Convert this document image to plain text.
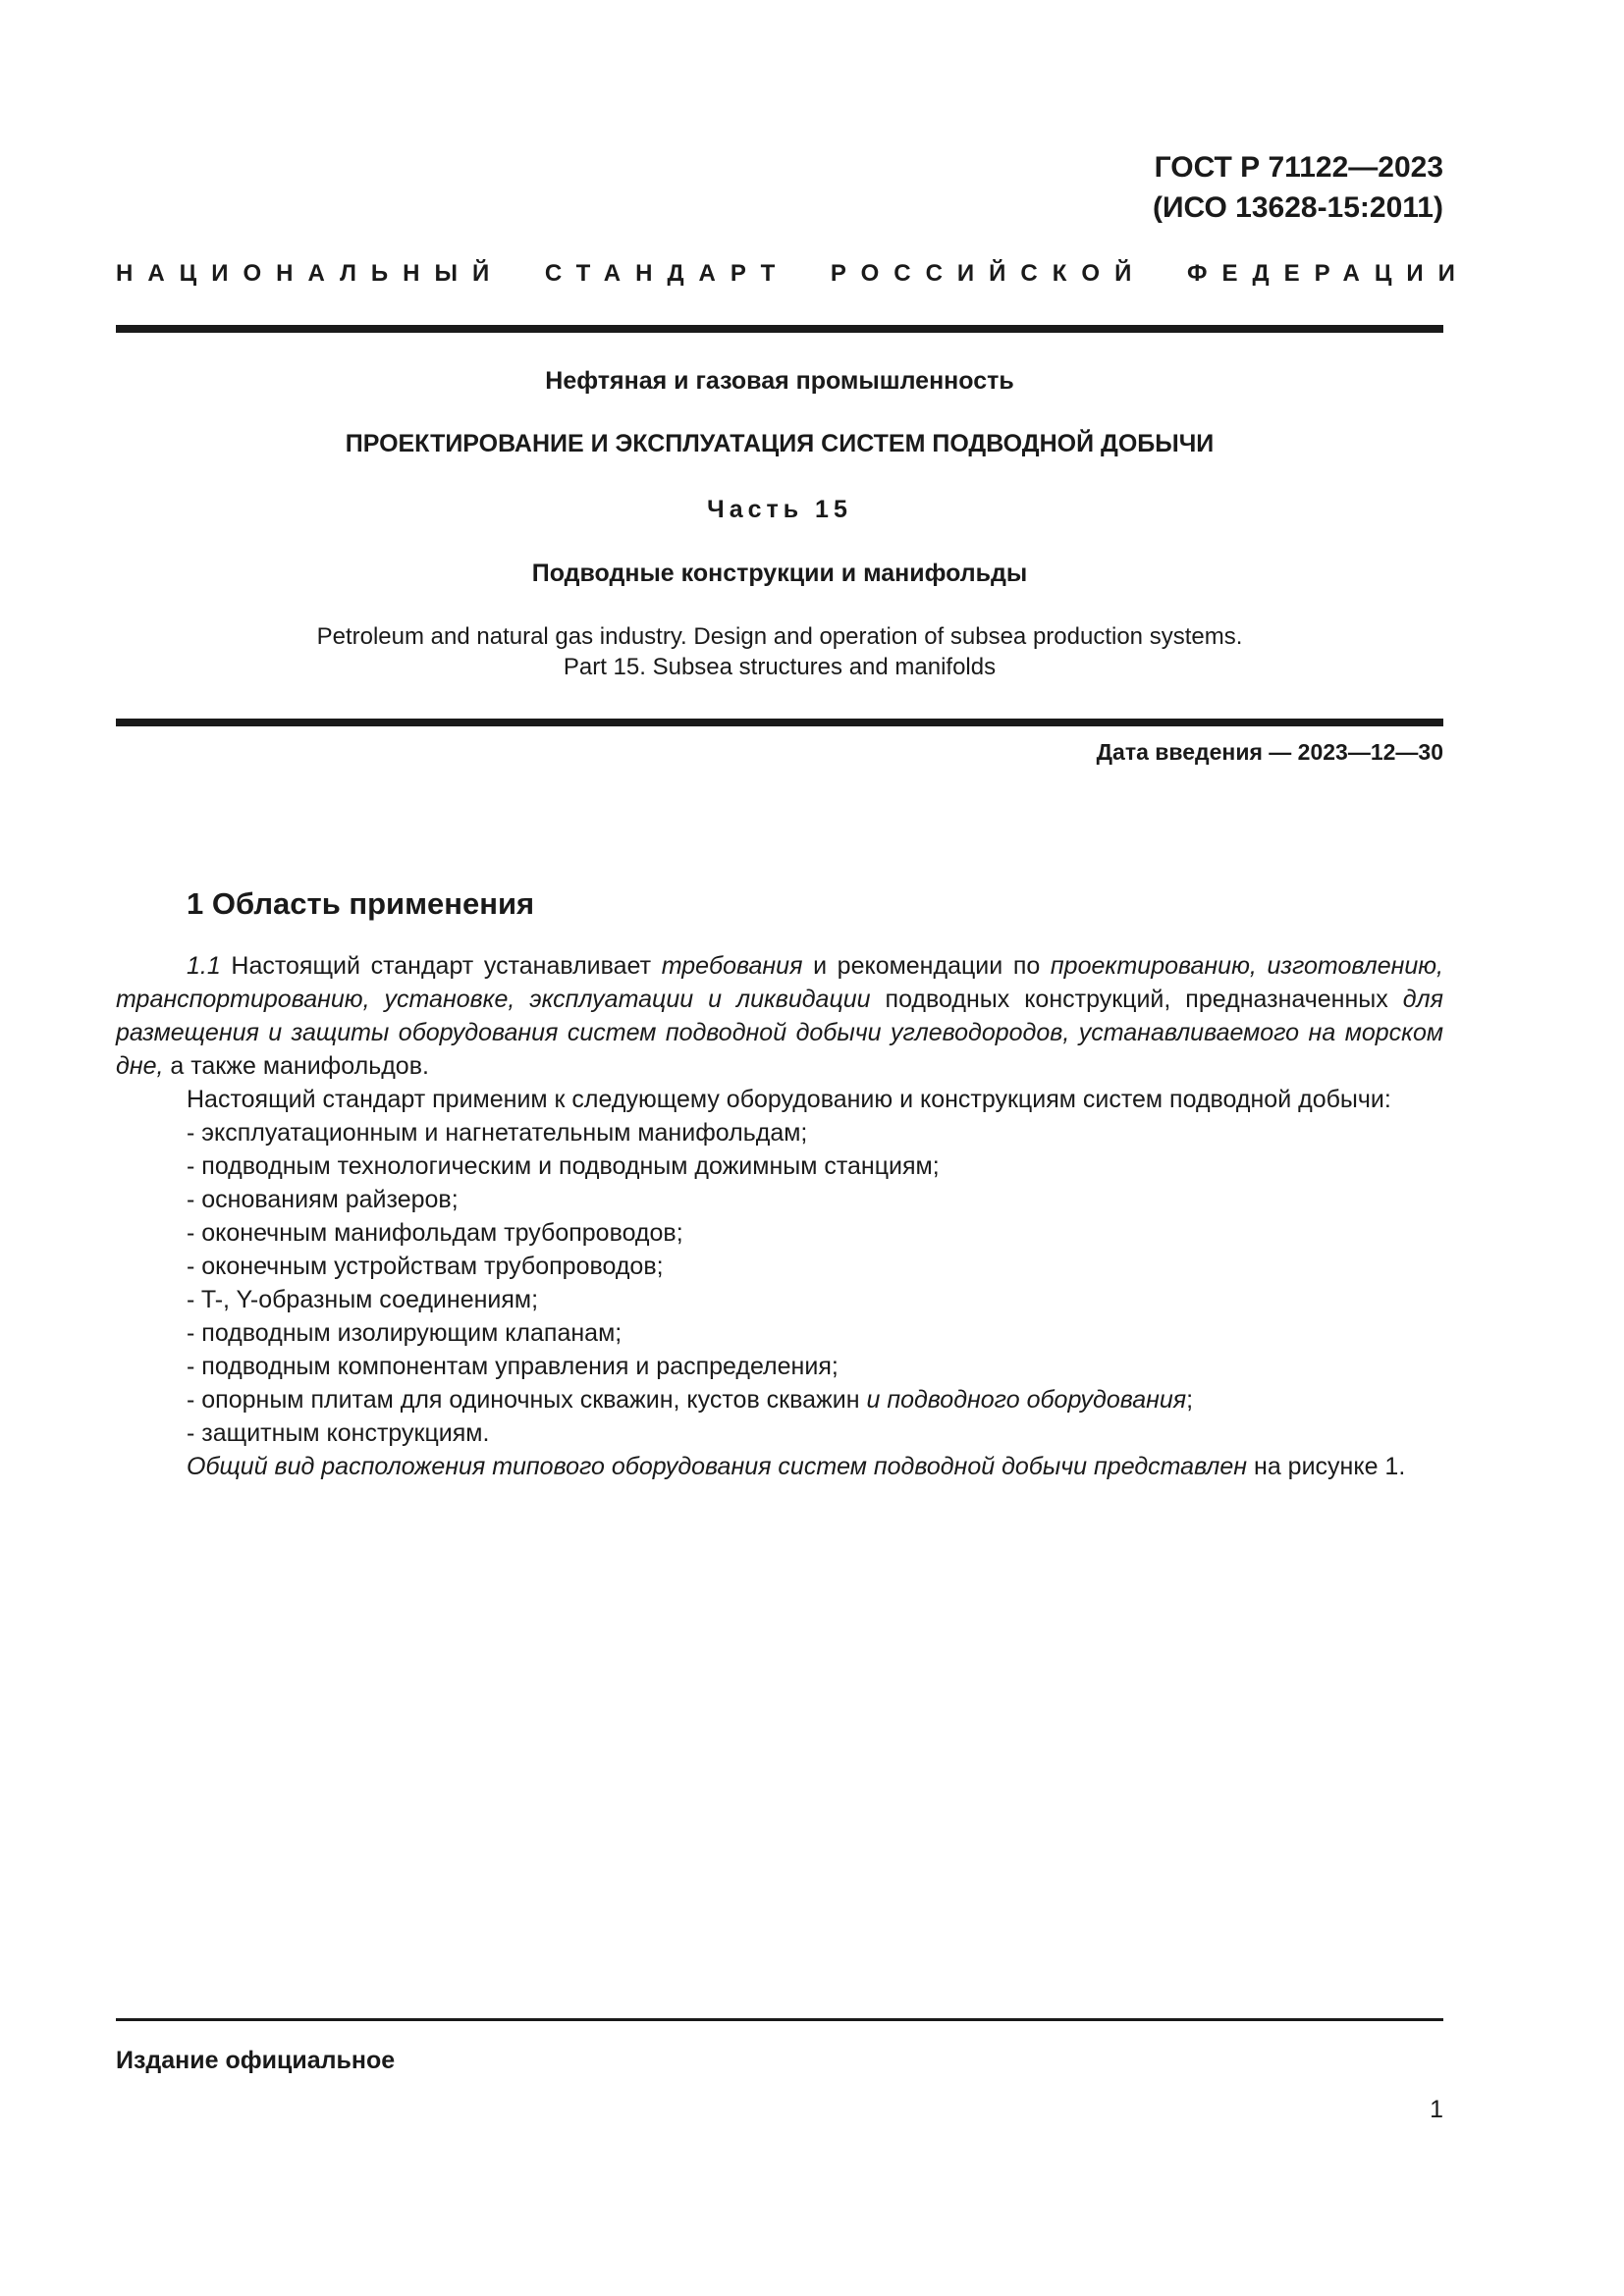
ГОСТ Р 71122—2023
(ИСО 13628-15:2011)
НАЦИОНАЛЬНЫЙ СТАНДАРТ РОССИЙСКОЙ ФЕДЕРАЦИИ
Нефтяная и газовая промышленность
ПРОЕКТИРОВАНИЕ И ЭКСПЛУАТАЦИЯ СИСТЕМ ПОДВОДНОЙ ДОБЫЧИ
Часть 15
Подводные конструкции и манифольды
Petroleum and natural gas industry. Design and operation of subsea production systems.
Part 15. Subsea structures and manifolds
Дата введения — 2023—12—30
1 Область применения

1.1 Настоящий стандарт устанавливает требования и рекомендации по проектированию, изготовлению, транспортированию, установке, эксплуатации и ликвидации подводных конструкций, предназначенных для размещения и защиты оборудования систем подводной добычи углеводородов, устанавливаемого на морском дне, а также манифольдов.

Настоящий стандарт применим к следующему оборудованию и конструкциям систем подводной добычи:

- эксплуатационным и нагнетательным манифольдам;
- подводным технологическим и подводным дожимным станциям;
- основаниям райзеров;
- оконечным манифольдам трубопроводов;
- оконечным устройствам трубопроводов;
- T-, Y-образным соединениям;
- подводным изолирующим клапанам;
- подводным компонентам управления и распределения;
- опорным плитам для одиночных скважин, кустов скважин и подводного оборудования;
- защитным конструкциям.

Общий вид расположения типового оборудования систем подводной добычи представлен на рисунке 1.

Издание официальное
1
